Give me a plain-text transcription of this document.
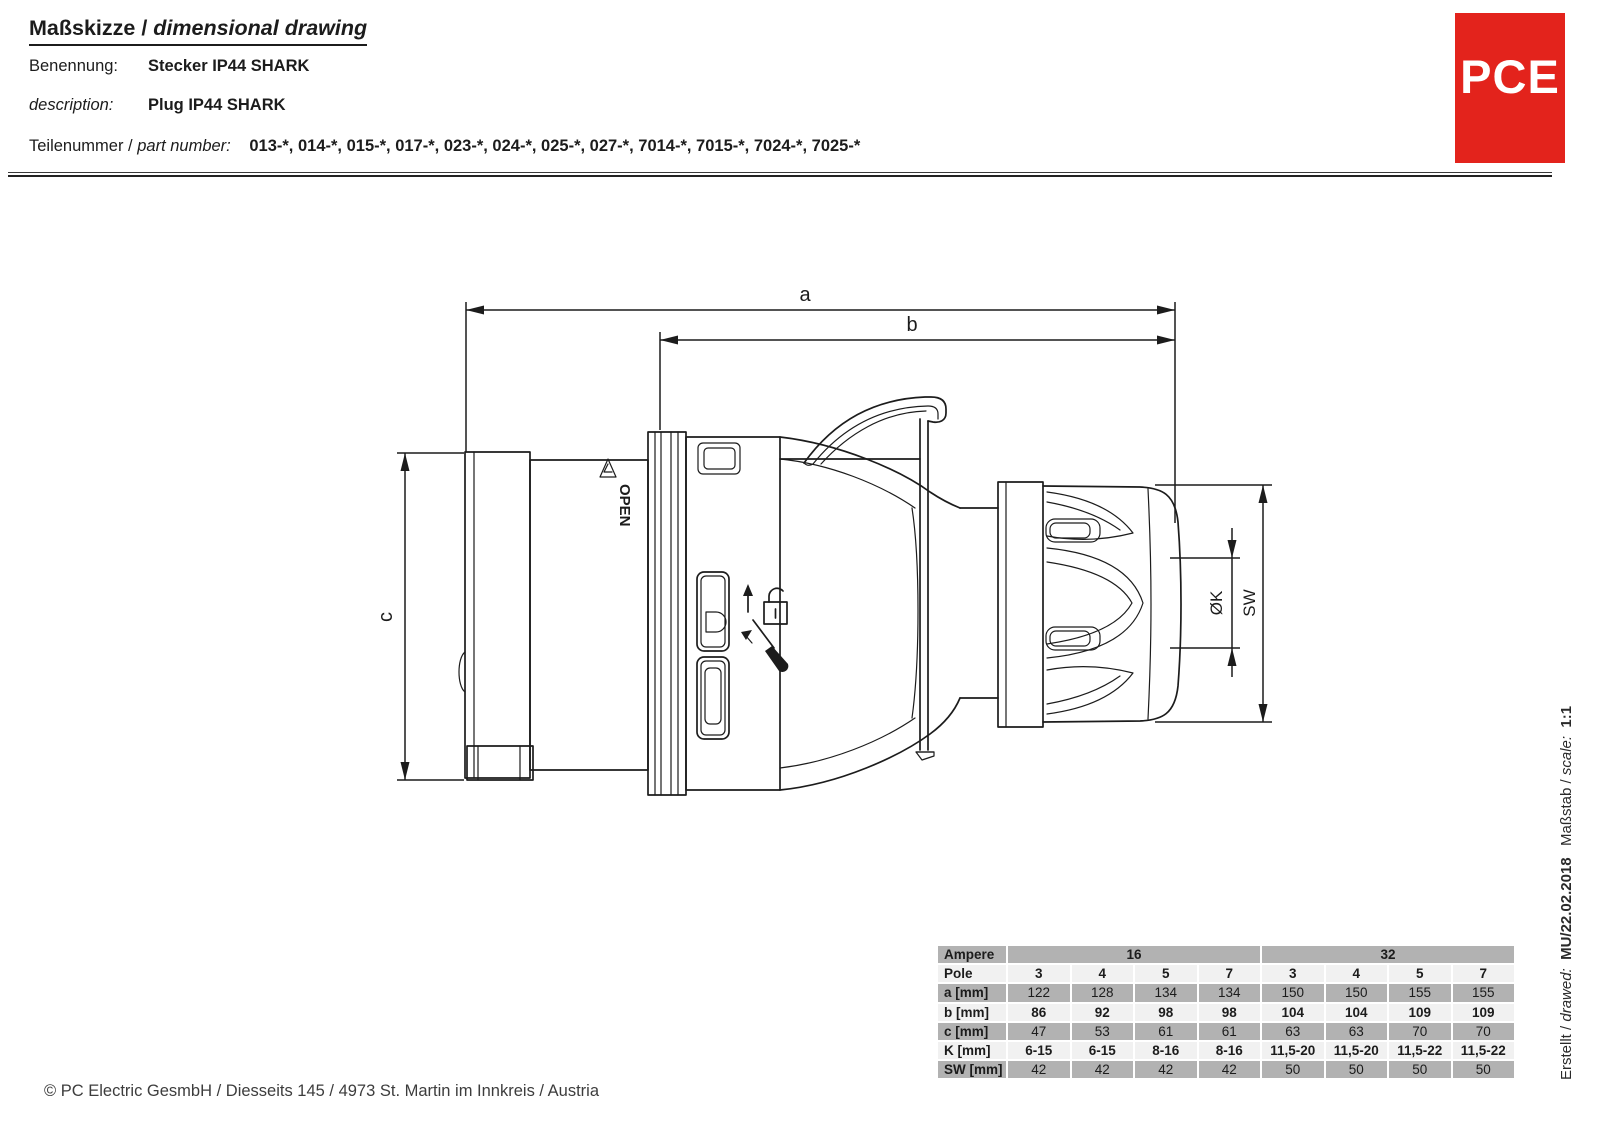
Maßskizze / dimensional drawing
Benennung: Stecker IP44 SHARK
description: Plug IP44 SHARK
Teilenummer / part number: 013-*, 014-*, 015-*, 017-*, 023-*, 024-*, 025-*, 027-*, 7014-*, 7015-*, 7024-*, 7025-*
PCE
a
b
c
OPEN
ØK SW
Ampere	16	32
Pole	3	4	5	7	3	4	5	7
a [mm]	122	128	134	134	150	150	155	155
b [mm]	86	92	98	98	104	104	109	109
c [mm]	47	53	61	61	63	63	70	70
K [mm]	6-15	6-15	8-16	8-16	11,5-20	11,5-20	11,5-22	11,5-22
SW [mm]	42	42	42	42	50	50	50	50
© PC Electric GesmbH / Diesseits 145 / 4973 St. Martin im Innkreis / Austria
Maßstab / scale:  1:1
Erstellt / drawed:  MU/22.02.2018
